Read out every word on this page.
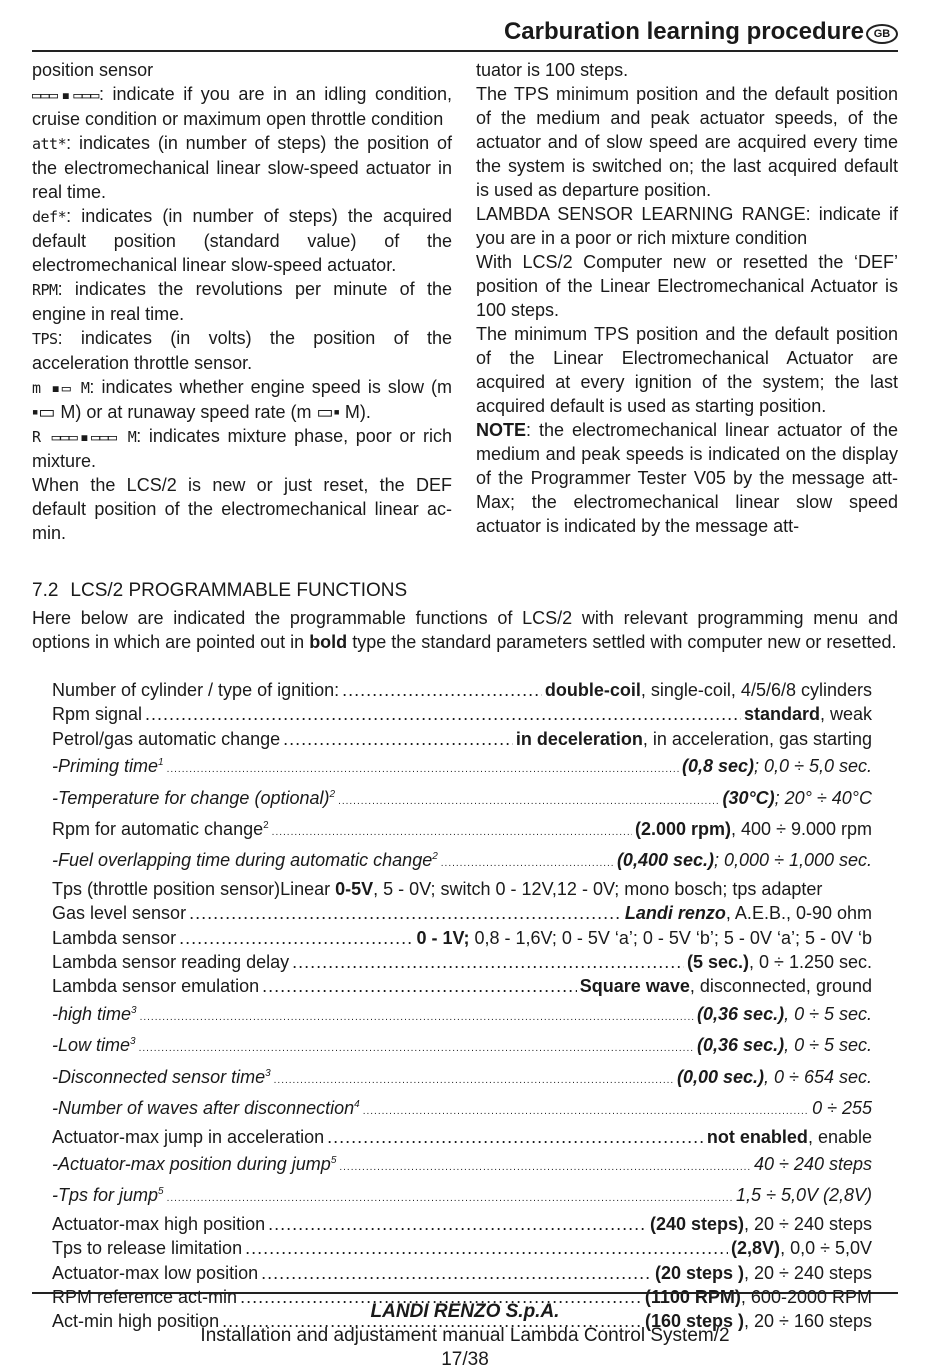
Carburation learning procedure GB

position sensor

▭▭▭▪▭▭▭: indicate if you are in an idling condition, cruise condition or maximum open throttle condition

att*: indicates (in number of steps) the position of the electromechanical linear slow-speed actuator in real time.

def*: indicates (in number of steps) the acquired default position (standard value) of the electromechanical linear slow-speed actuator.

RPM: indicates the revolutions per minute of the engine in real time.

TPS: indicates (in volts) the position of the acceleration throttle sensor.

m ▪▭ M: indicates whether engine speed is slow (m ▪▭ M) or at runaway speed rate (m ▭▪ M).

R ▭▭▭▪▭▭▭ M: indicates mixture phase, poor or rich mixture.

When the LCS/2 is new or just reset, the DEF default position of the electromechanical linear ac-min.

tuator is 100 steps.

The TPS minimum position and the default position of the medium and peak actuator speeds, of the actuator and of slow speed are acquired every time the system is switched on; the last acquired default is used as departure position.

LAMBDA SENSOR LEARNING RANGE: indicate if you are in a poor or rich mixture condition

With LCS/2 Computer new or resetted the ‘DEF’ position of the Linear Electromechanical Actuator is 100 steps.

The minimum TPS position and the default position of the Linear Electromechanical Actuator are acquired at every ignition of the system; the last acquired default is used as starting position.

NOTE: the electromechanical linear actuator of the medium and peak speeds is indicated on the display of the Programmer Tester V05 by the message att-Max; the electromechanical linear slow speed actuator is indicated by the message att-

7.2 LCS/2 PROGRAMMABLE FUNCTIONS
Here below are indicated the programmable functions of LCS/2 with relevant programming menu and options in which are pointed out in bold type the standard parameters settled with computer new or resetted.
Number of cylinder / type of ignition: .....	double-coil, single-coil, 4/5/6/8 cylinders
Rpm signal .....	standard, weak
Petrol/gas automatic change .....	in deceleration, in acceleration, gas starting
-Priming time$^1$ .....	(0,8 sec); 0,0 ÷ 5,0 sec.
-Temperature for change (optional)$^2$ .....	(30°C); 20° ÷ 40°C
Rpm for automatic change$^2$ .....	(2.000 rpm), 400 ÷ 9.000 rpm
-Fuel overlapping time during automatic change$^2$ .....	(0,400 sec.); 0,000 ÷ 1,000 sec.
Tps (throttle position sensor)Linear 0-5V, 5 - 0V; switch 0 - 12V,12 - 0V; mono bosch; tps adapter
Gas level sensor .....	Landi renzo, A.E.B., 0-90 ohm
Lambda sensor .....	0 - 1V; 0,8 - 1,6V; 0 - 5V ‘a’; 0 - 5V ‘b’; 5 - 0V ‘a’; 5 - 0V ‘b
Lambda sensor reading delay .....	(5 sec.), 0 ÷ 1.250 sec.
Lambda sensor emulation .....	Square wave, disconnected, ground
-high time$^3$ .....	(0,36 sec.), 0 ÷ 5 sec.
-Low time$^3$ .....	(0,36 sec.), 0 ÷ 5 sec.
-Disconnected sensor time$^3$ .....	(0,00 sec.), 0 ÷ 654 sec.
-Number of waves after disconnection$^4$ .....	0 ÷ 255
Actuator-max jump in acceleration .....	not enabled, enable
-Actuator-max position during jump$^5$ .....	40 ÷ 240 steps
-Tps for jump$^5$ .....	1,5 ÷ 5,0V (2,8V)
Actuator-max high position .....	(240 steps), 20 ÷ 240 steps
Tps to release limitation .....	(2,8V), 0,0 ÷ 5,0V
Actuator-max low position .....	(20 steps ), 20 ÷ 240 steps
RPM reference act-min .....	(1100 RPM), 600-2000 RPM
Act-min high position .....	(160 steps ), 20 ÷ 160 steps
LANDI RENZO S.p.A.
Installation and adjustament manual Lambda Control System/2
17/38
